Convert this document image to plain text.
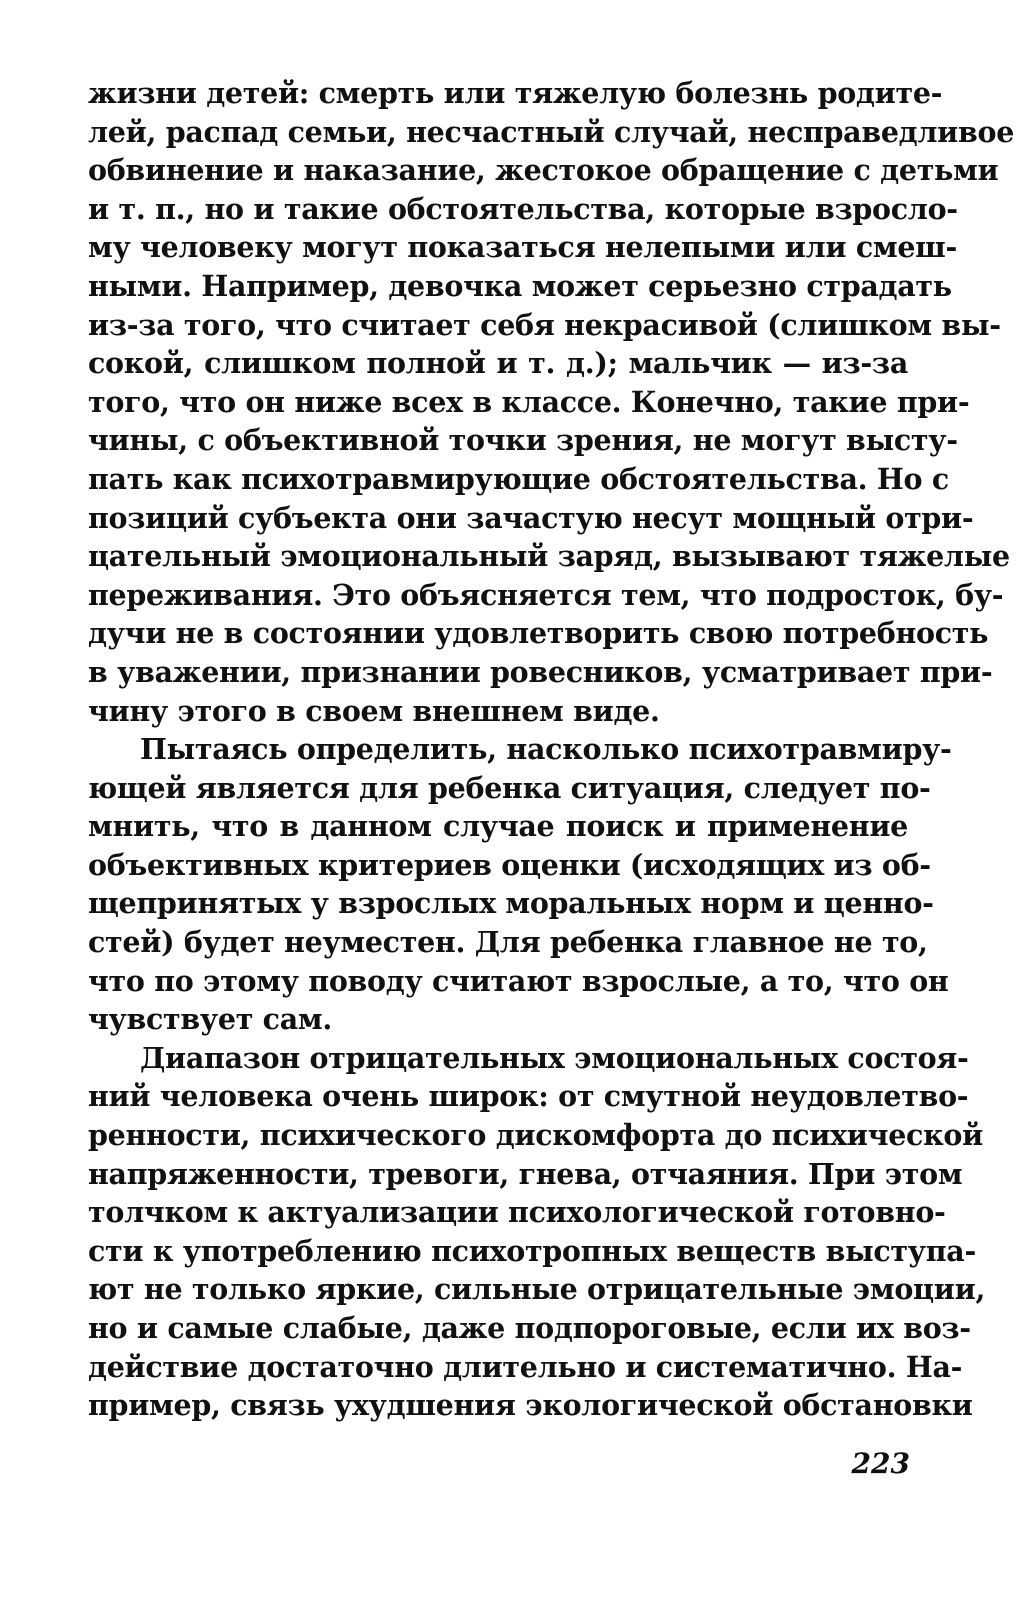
жизни детей: смерть или тяжелую болезнь родите-
лей, распад семьи, несчастный случай, несправедливое
обвинение и наказание, жестокое обращение с детьми
и т. п., но и такие обстоятельства, которые взросло-
му человеку могут показаться нелепыми или смеш-
ными. Например, девочка может серьезно страдать
из-за того, что считает себя некрасивой (слишком вы-
сокой, слишком полной и т. д.); мальчик — из-за
того, что он ниже всех в классе. Конечно, такие при-
чины, с объективной точки зрения, не могут высту-
пать как психотравмирующие обстоятельства. Но с
позиций субъекта они зачастую несут мощный отри-
цательный эмоциональный заряд, вызывают тяжелые
переживания. Это объясняется тем, что подросток, бу-
дучи не в состоянии удовлетворить свою потребность
в уважении, признании ровесников, усматривает при-
чину этого в своем внешнем виде.
Пытаясь определить, насколько психотравмиру-
ющей является для ребенка ситуация, следует по-
мнить, что в данном случае поиск и применение
объективных критериев оценки (исходящих из об-
щепринятых у взрослых моральных норм и ценно-
стей) будет неуместен. Для ребенка главное не то,
что по этому поводу считают взрослые, а то, что он
чувствует сам.
Диапазон отрицательных эмоциональных состоя-
ний человека очень широк: от смутной неудовлетво-
ренности, психического дискомфорта до психической
напряженности, тревоги, гнева, отчаяния. При этом
толчком к актуализации психологической готовно-
сти к употреблению психотропных веществ выступа-
ют не только яркие, сильные отрицательные эмоции,
но и самые слабые, даже подпороговые, если их воз-
действие достаточно длительно и систематично. На-
пример, связь ухудшения экологической обстановки
223
